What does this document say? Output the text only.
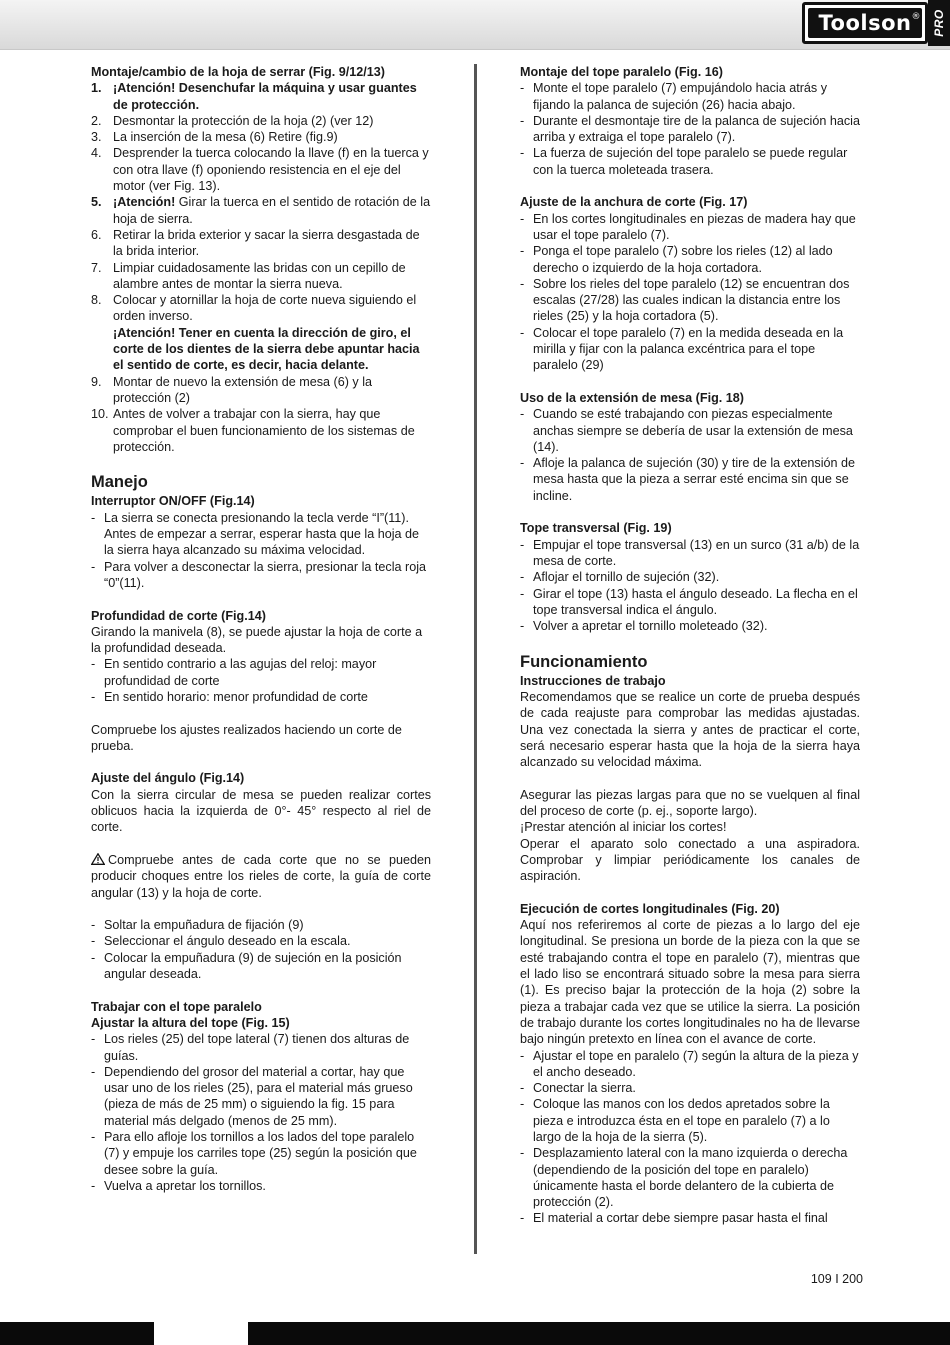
Toolson ® PRO
Montaje/cambio de la hoja de serrar (Fig. 9/12/13)
1. ¡Atención! Desenchufar la máquina y usar guantes de protección.
2. Desmontar la protección de la hoja (2) (ver 12)
3. La inserción de la mesa (6) Retire (fig.9)
4. Desprender la tuerca colocando la llave (f) en la tuerca y con otra llave (f) oponiendo resistencia en el eje del motor (ver Fig. 13).
5. ¡Atención! Girar la tuerca en el sentido de rotación de la hoja de sierra.
6. Retirar la brida exterior y sacar la sierra desgastada de la brida interior.
7. Limpiar cuidadosamente las bridas con un cepillo de alambre antes de montar la sierra nueva.
8. Colocar y atornillar la hoja de corte nueva siguiendo el orden inverso.
¡Atención! Tener en cuenta la dirección de giro, el corte de los dientes de la sierra debe apuntar hacia el sentido de corte, es decir, hacia delante.
9. Montar de nuevo la extensión de mesa (6) y la protección (2)
10. Antes de volver a trabajar con la sierra, hay que comprobar el buen funcionamiento de los sistemas de protección.
Manejo
Interruptor ON/OFF (Fig.14)
- La sierra se conecta presionando la tecla verde “I”(11). Antes de empezar a serrar, esperar hasta que la hoja de la sierra haya alcanzado su máxima velocidad.
- Para volver a desconectar la sierra, presionar la tecla roja “0”(11).
Profundidad de corte (Fig.14)
Girando la manivela (8), se puede ajustar la hoja de corte a la profundidad deseada.
- En sentido contrario a las agujas del reloj: mayor profundidad de corte
- En sentido horario: menor profundidad de corte
Compruebe los ajustes realizados haciendo un corte de prueba.
Ajuste del ángulo (Fig.14)
Con la sierra circular de mesa se pueden realizar cortes oblicuos hacia la izquierda de 0°- 45° respecto al riel de corte.
Compruebe antes de cada corte que no se pueden producir choques entre los rieles de corte, la guía de corte angular (13) y la hoja de corte.
- Soltar la empuñadura de fijación (9)
- Seleccionar el ángulo deseado en la escala.
- Colocar la empuñadura (9) de sujeción en la posición angular deseada.
Trabajar con el tope paralelo
Ajustar la altura del tope (Fig. 15)
- Los rieles (25) del tope lateral (7) tienen dos alturas de guías.
- Dependiendo del grosor del material a cortar, hay que usar uno de los rieles (25), para el material más grueso (pieza de más de 25 mm) o siguiendo la fig. 15 para material más delgado (menos de 25 mm).
- Para ello afloje los tornillos a los lados del tope paralelo (7) y empuje los carriles tope (25) según la posición que desee sobre la guía.
- Vuelva a apretar los tornillos.
Montaje del tope paralelo (Fig. 16)
- Monte el tope paralelo (7) empujándolo hacia atrás y fijando la palanca de sujeción (26) hacia abajo.
- Durante el desmontaje tire de la palanca de sujeción hacia arriba y extraiga el tope paralelo (7).
- La fuerza de sujeción del tope paralelo se puede regular con la tuerca moleteada trasera.
Ajuste de la anchura de corte (Fig. 17)
- En los cortes longitudinales en piezas de madera hay que usar el tope paralelo (7).
- Ponga el tope paralelo (7) sobre los rieles (12) al lado derecho o izquierdo de la hoja cortadora.
- Sobre los rieles del tope paralelo (12) se encuentran dos escalas (27/28) las cuales indican la distancia entre los rieles (25) y la hoja cortadora (5).
- Colocar el tope paralelo (7) en la medida deseada en la mirilla y fijar con la palanca excéntrica para el tope paralelo (29)
Uso de la extensión de mesa (Fig. 18)
- Cuando se esté trabajando con piezas especialmente anchas siempre se debería de usar la extensión de mesa (14).
- Afloje la palanca de sujeción (30) y tire de la extensión de mesa hasta que la pieza a serrar esté encima sin que se incline.
Tope transversal (Fig. 19)
- Empujar el tope transversal (13) en un surco (31 a/b) de la mesa de corte.
- Aflojar el tornillo de sujeción (32).
- Girar el tope (13) hasta el ángulo deseado. La flecha en el tope transversal indica el ángulo.
- Volver a apretar el tornillo moleteado (32).
Funcionamiento
Instrucciones de trabajo
Recomendamos que se realice un corte de prueba después de cada reajuste para comprobar las medidas ajustadas. Una vez conectada la sierra y antes de practicar el corte, será necesario esperar hasta que la hoja de la sierra haya alcanzado su velocidad máxima.
Asegurar las piezas largas para que no se vuelquen al final del proceso de corte (p. ej., soporte largo).
¡Prestar atención al iniciar los cortes!
Operar el aparato solo conectado a una aspiradora. Comprobar y limpiar periódicamente los canales de aspiración.
Ejecución de cortes longitudinales (Fig. 20)
Aquí nos referiremos al corte de piezas a lo largo del eje longitudinal. Se presiona un borde de la pieza con la que se esté trabajando contra el tope en paralelo (7), mientras que el lado liso se encontrará situado sobre la mesa para sierra (1). Es preciso bajar la protección de la hoja (2) sobre la pieza a trabajar cada vez que se utilice la sierra. La posición de trabajo durante los cortes longitudinales no ha de llevarse bajo ningún pretexto en línea con el avance de corte.
- Ajustar el tope en paralelo (7) según la altura de la pieza y el ancho deseado.
- Conectar la sierra.
- Coloque las manos con los dedos apretados sobre la pieza e introduzca ésta en el tope en paralelo (7) a lo largo de la hoja de la sierra (5).
- Desplazamiento lateral con la mano izquierda o derecha (dependiendo de la posición del tope en paralelo) únicamente hasta el borde delantero de la cubierta de protección (2).
- El material a cortar debe siempre pasar hasta el final
109 I 200
